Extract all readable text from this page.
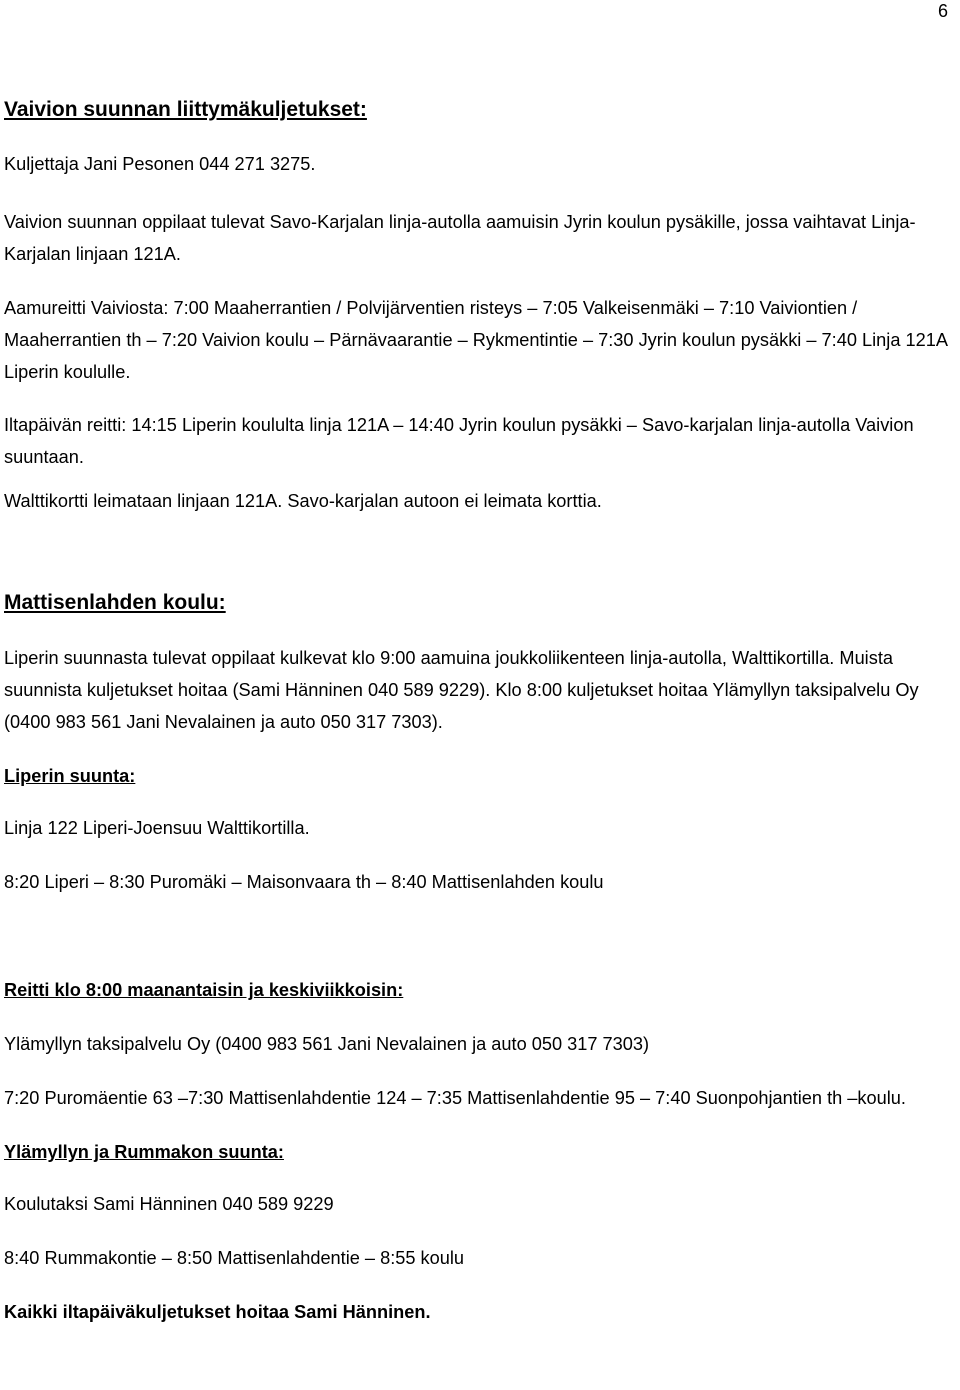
6

Vaivion suunnan liittymäkuljetukset:

Kuljettaja Jani Pesonen 044 271 3275.

Vaivion suunnan oppilaat tulevat Savo-Karjalan linja-autolla aamuisin Jyrin koulun pysäkille, jossa vaihtavat Linja-Karjalan linjaan 121A.

Aamureitti Vaiviosta: 7:00 Maaherrantien / Polvijärventien risteys – 7:05 Valkeisenmäki – 7:10 Vaiviontien / Maaherrantien th – 7:20 Vaivion koulu – Pärnävaarantie – Rykmentintie – 7:30 Jyrin koulun pysäkki – 7:40 Linja 121A Liperin koululle.

Iltapäivän reitti: 14:15 Liperin koululta linja 121A – 14:40 Jyrin koulun pysäkki – Savo-karjalan linja-autolla Vaivion suuntaan.

Walttikortti leimataan linjaan 121A. Savo-karjalan autoon ei leimata korttia.

Mattisenlahden koulu:

Liperin suunnasta tulevat oppilaat kulkevat klo 9:00 aamuina joukkoliikenteen linja-autolla, Walttikortilla. Muista suunnista kuljetukset hoitaa (Sami Hänninen 040 589 9229). Klo 8:00 kuljetukset hoitaa Ylämyllyn taksipalvelu Oy (0400 983 561 Jani Nevalainen ja auto 050 317 7303).

Liperin suunta:

Linja 122 Liperi-Joensuu Walttikortilla.

8:20 Liperi – 8:30 Puromäki – Maisonvaara th – 8:40 Mattisenlahden koulu

Reitti klo 8:00 maanantaisin ja keskiviikkoisin:

Ylämyllyn taksipalvelu Oy (0400 983 561 Jani Nevalainen ja auto 050 317 7303)

7:20 Puromäentie 63 –7:30 Mattisenlahdentie 124 – 7:35 Mattisenlahdentie 95 – 7:40 Suonpohjantien th –koulu.

Ylämyllyn ja Rummakon suunta:

Koulutaksi Sami Hänninen 040 589 9229

8:40 Rummakontie – 8:50 Mattisenlahdentie – 8:55 koulu

Kaikki iltapäiväkuljetukset hoitaa Sami Hänninen.
